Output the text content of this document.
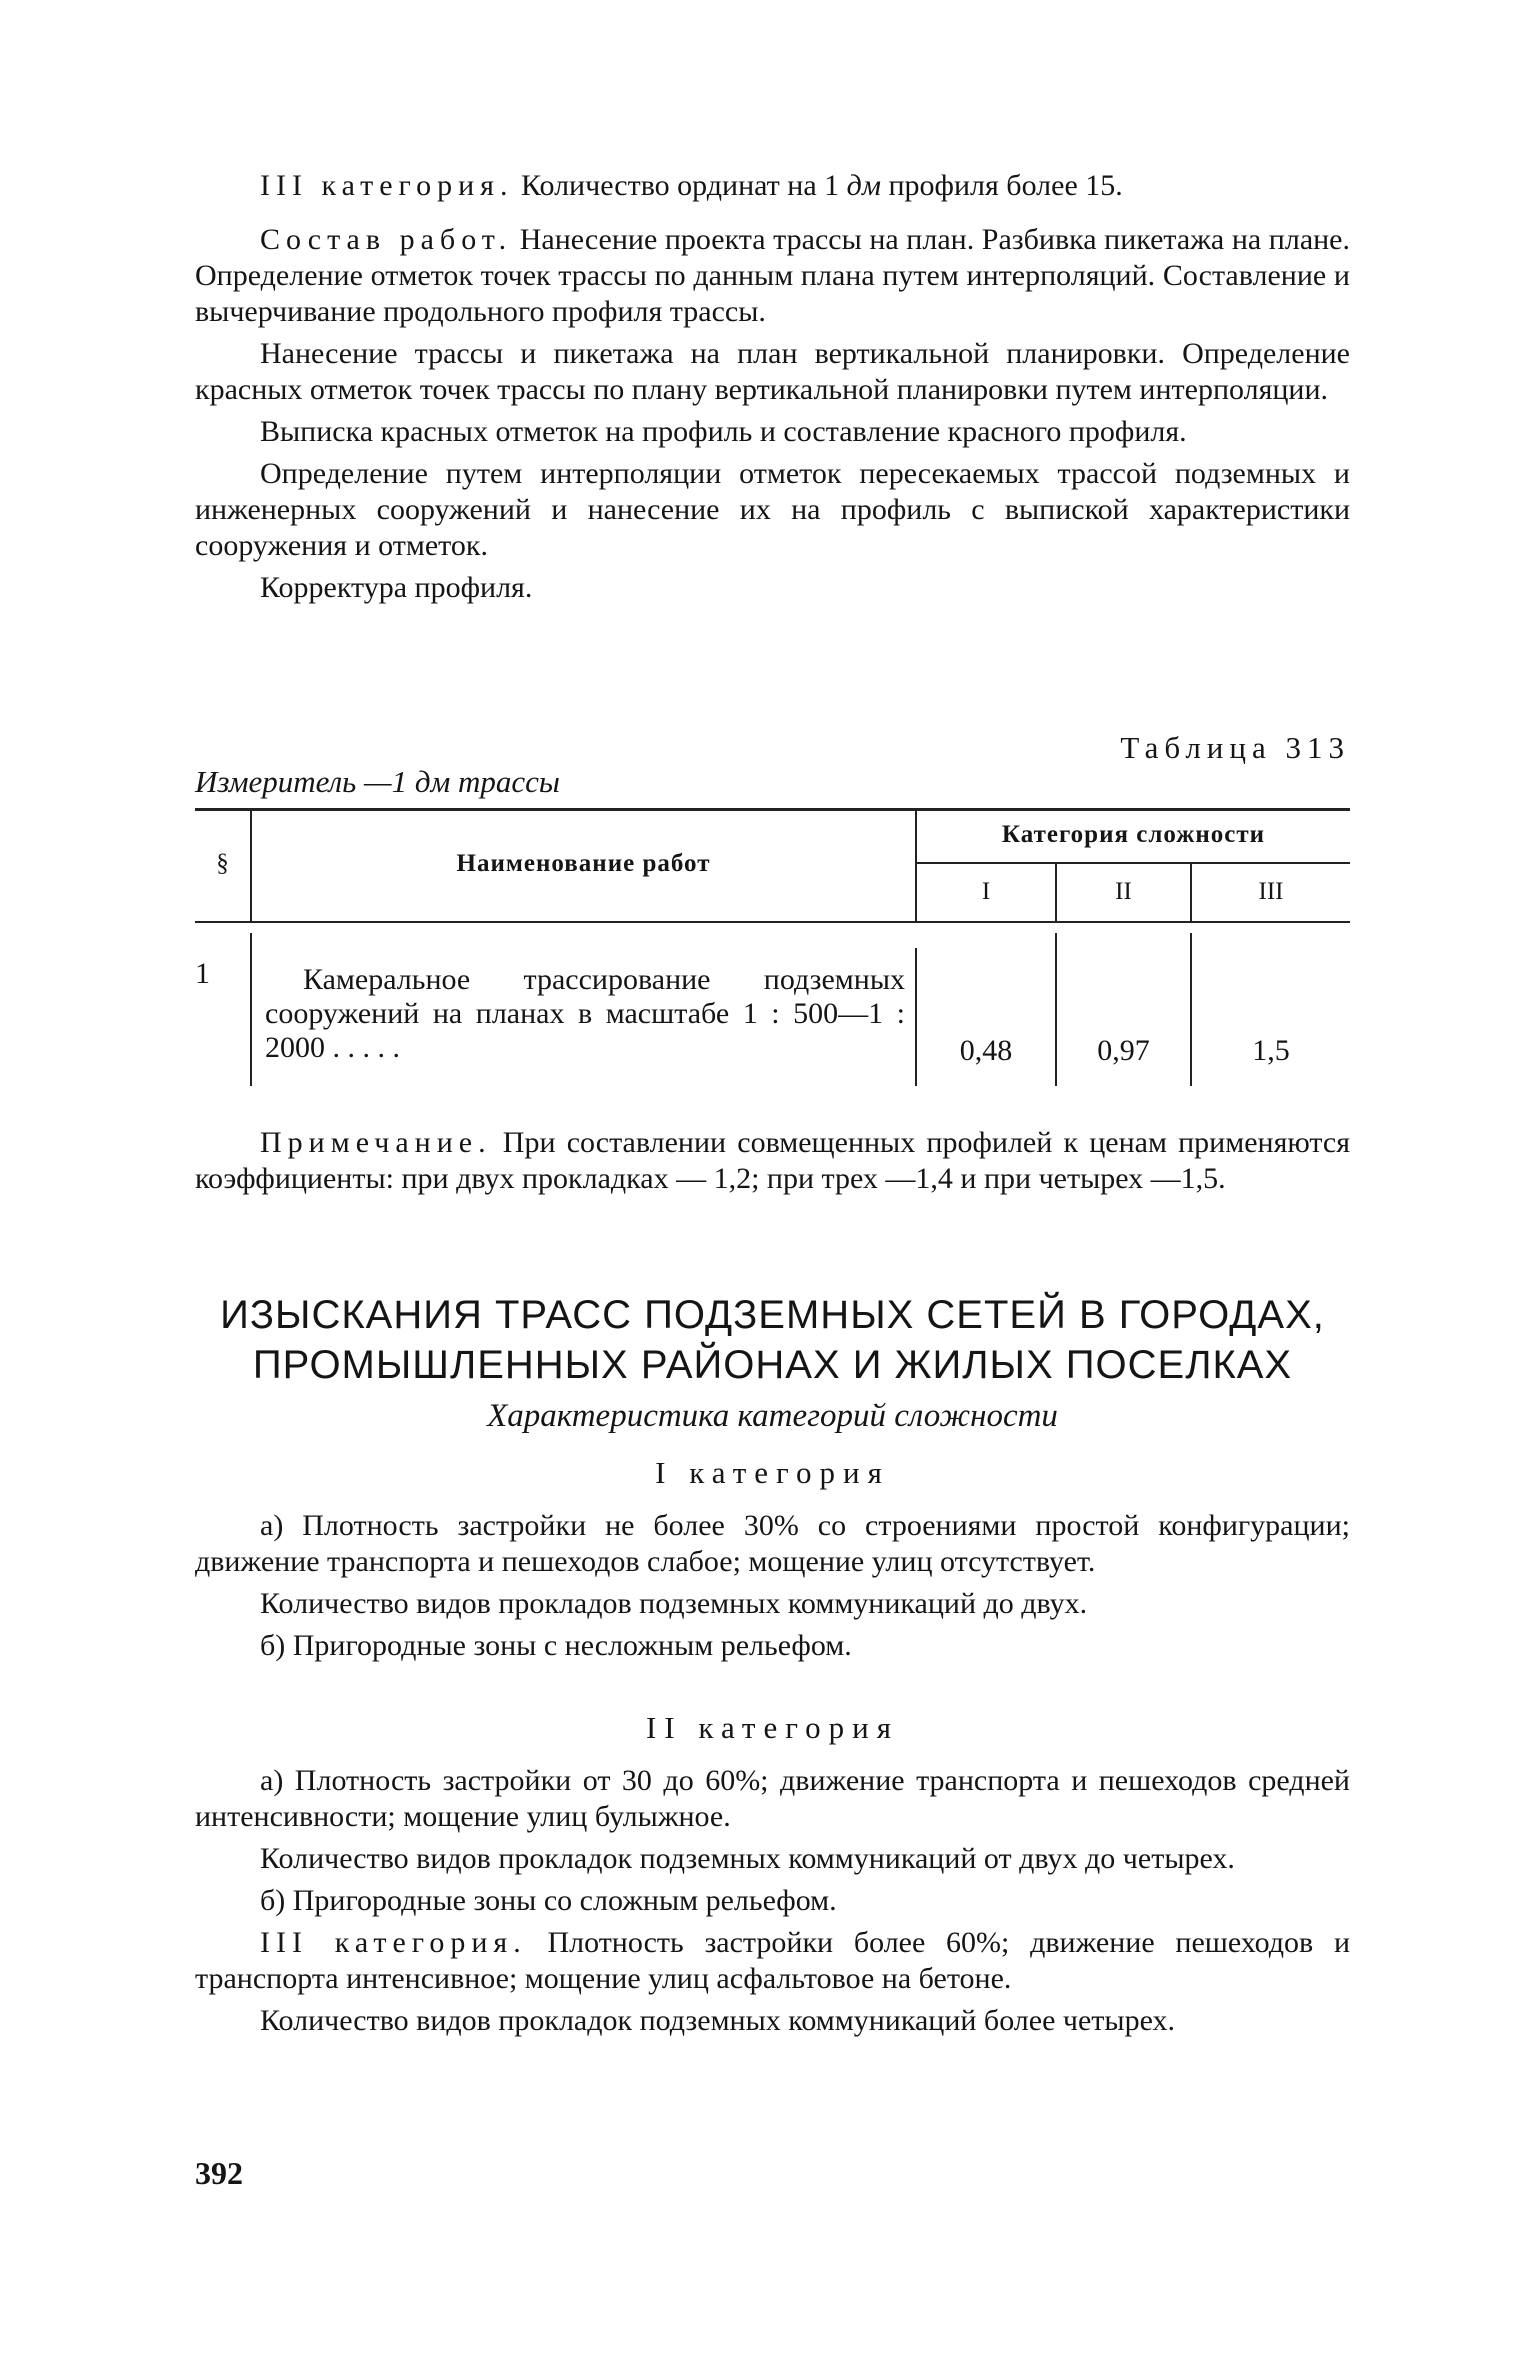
III категория. Количество ординат на 1 дм профиля более 15.

Состав работ. Нанесение проекта трассы на план. Разбивка пикетажа на плане. Определение отметок точек трассы по данным плана путем интерполяций. Составление и вычерчивание продольного профиля трассы.

Нанесение трассы и пикетажа на план вертикальной планировки. Определение красных отметок точек трассы по плану вертикальной планировки путем интерполяции.

Выписка красных отметок на профиль и составление красного профиля.

Определение путем интерполяции отметок пересекаемых трассой подземных и инженерных сооружений и нанесение их на профиль с выпиской характеристики сооружения и отметок.

Корректура профиля.

Измеритель —1 дм трассы
Таблица 313
§	Наименование работ
Категория сложности
I	II	III
1	Камеральное трассирование подземных сооружений на планах в масштабе 1 : 500—1 : 2000 . . . . .	0,48	0,97	1,5

Примечание. При составлении совмещенных профилей к ценам применяются коэффициенты: при двух прокладках — 1,2; при трех —1,4 и при четырех —1,5.

ИЗЫСКАНИЯ ТРАСС ПОДЗЕМНЫХ СЕТЕЙ В ГОРОДАХ, ПРОМЫШЛЕННЫХ РАЙОНАХ И ЖИЛЫХ ПОСЕЛКАХ
Характеристика категорий сложности
I категория

а) Плотность застройки не более 30% со строениями простой конфигурации; движение транспорта и пешеходов слабое; мощение улиц отсутствует.

Количество видов прокладов подземных коммуникаций до двух.

б) Пригородные зоны с несложным рельефом.

II категория

а) Плотность застройки от 30 до 60%; движение транспорта и пешеходов средней интенсивности; мощение улиц булыжное.

Количество видов прокладок подземных коммуникаций от двух до четырех.

б) Пригородные зоны со сложным рельефом.

III категория. Плотность застройки более 60%; движение пешеходов и транспорта интенсивное; мощение улиц асфальтовое на бетоне.

Количество видов прокладок подземных коммуникаций более четырех.

392
